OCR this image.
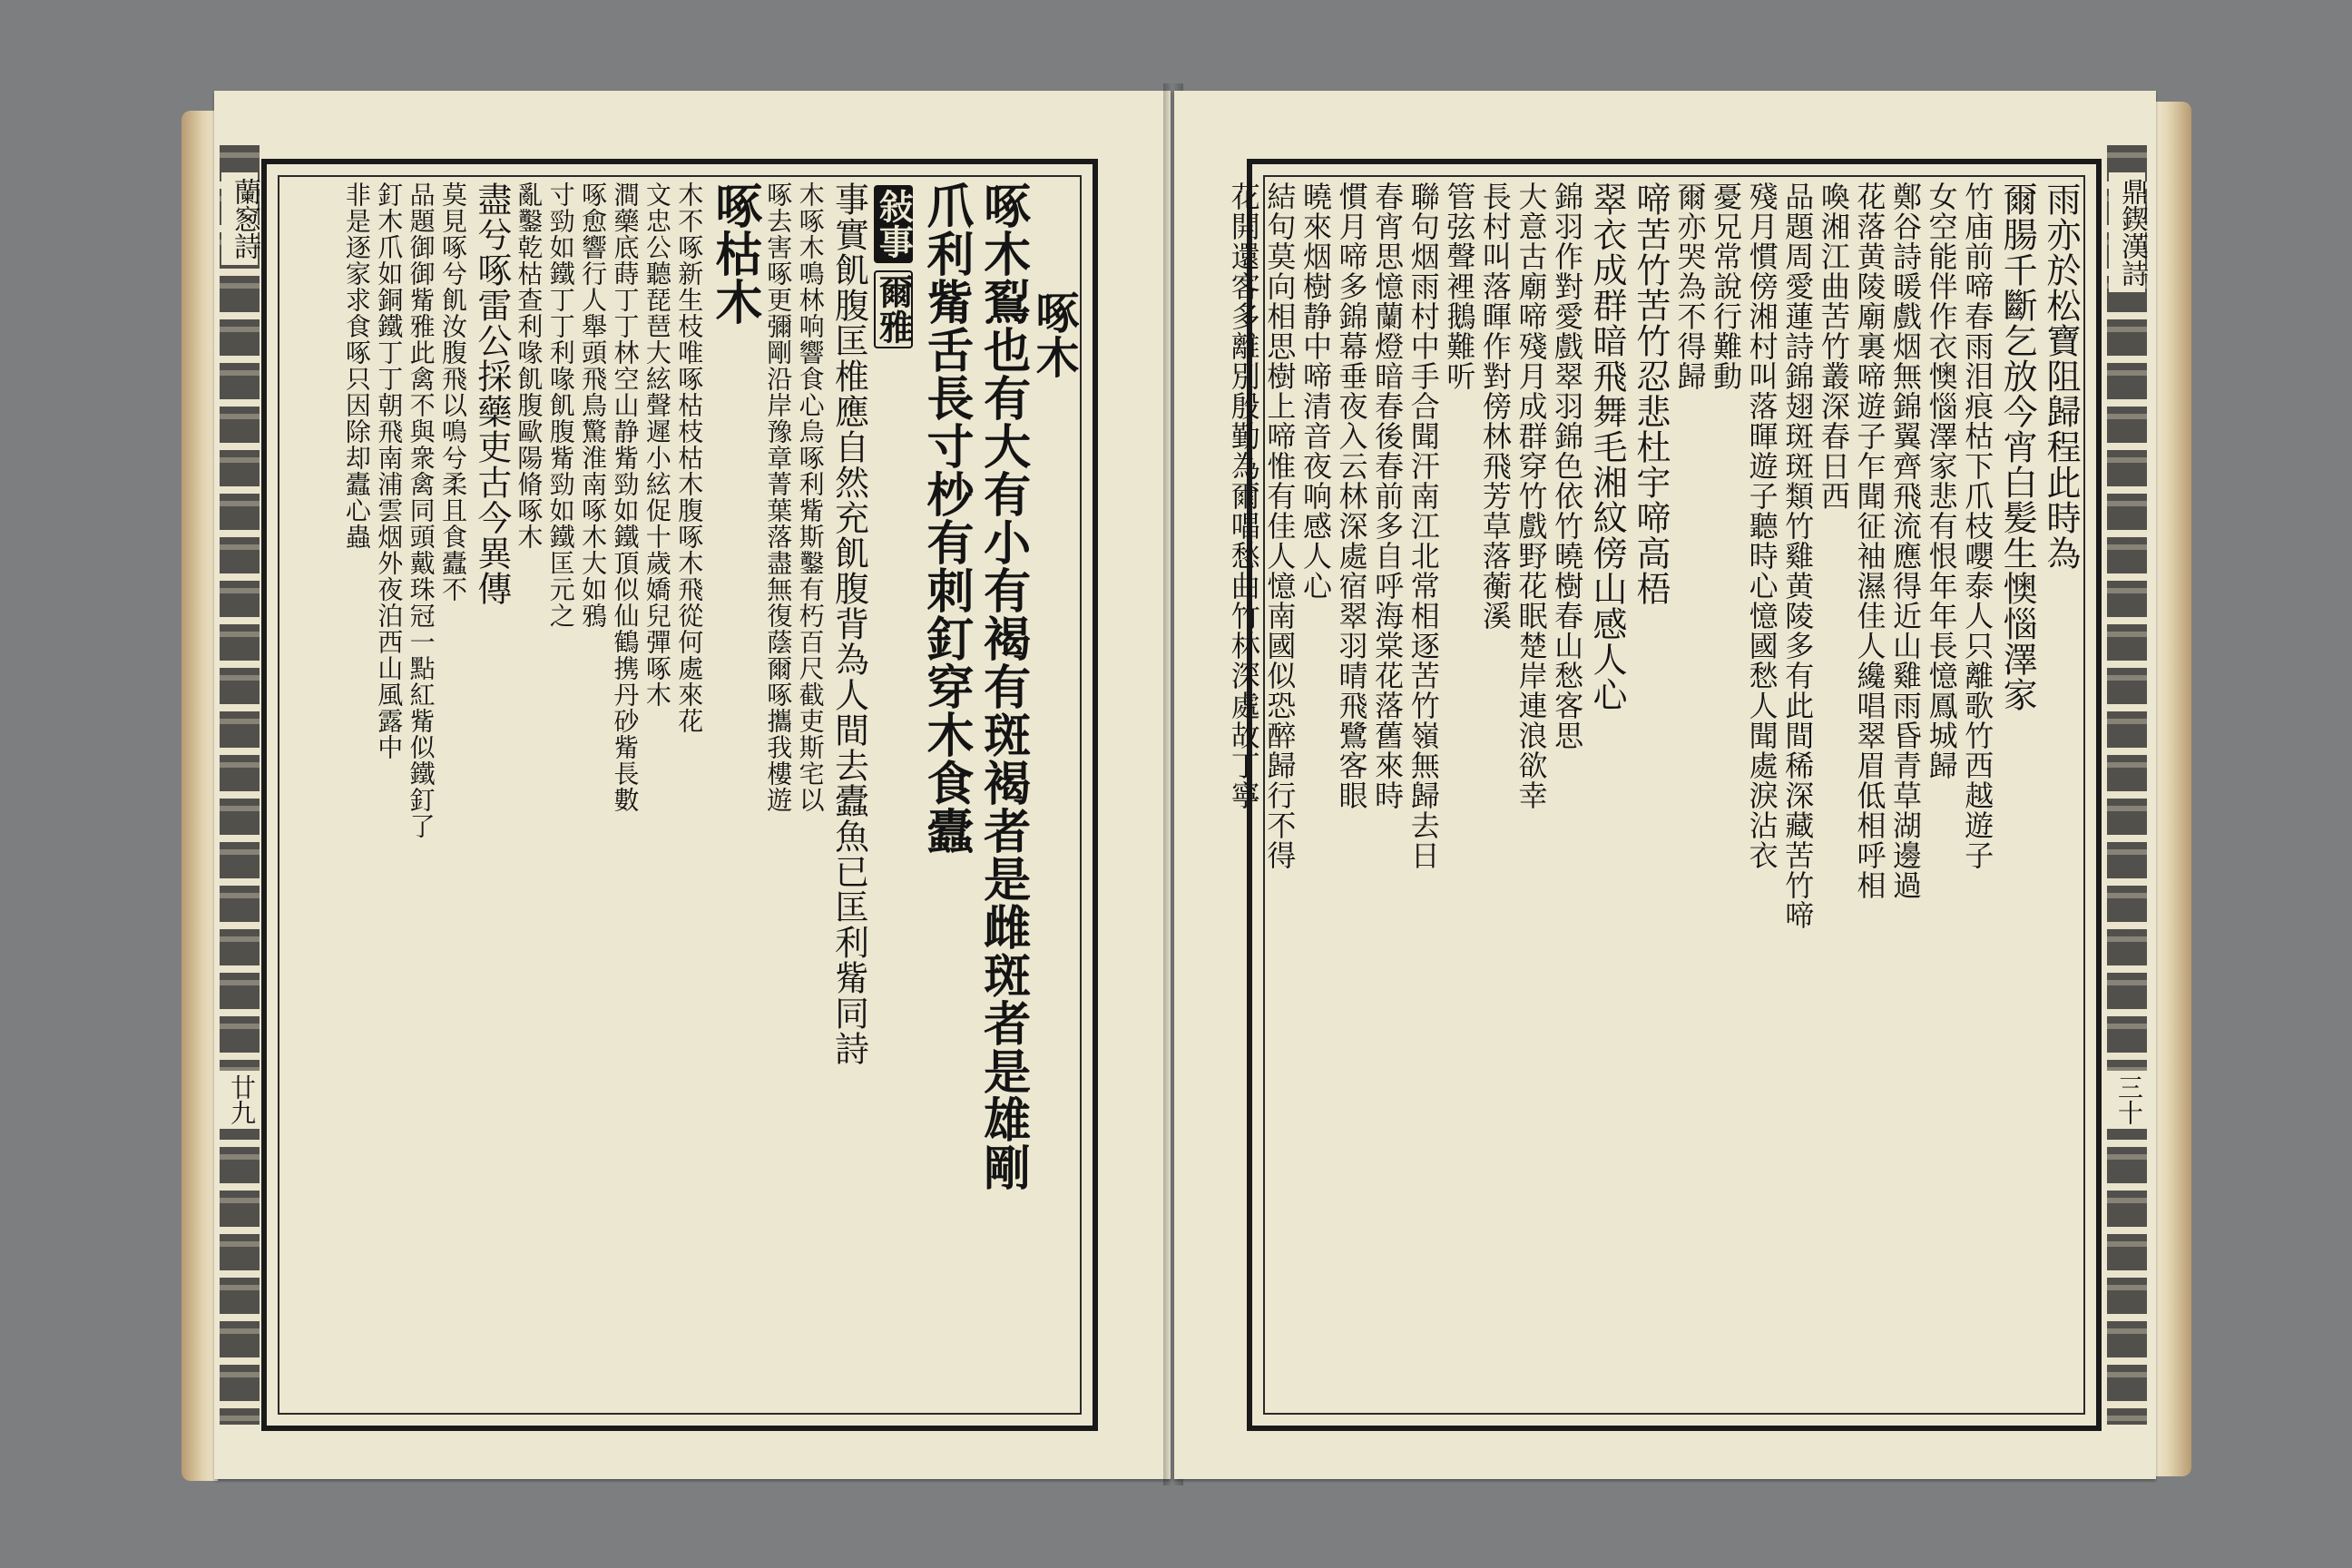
蘭䆫詩
廿九
啄木
啄木鴷也有大有小有褐有斑褐者是雌斑者是雄剛
爪利觜舌長寸杪有刺釘穿木食蠹
敍事爾雅
事實飢腹匡椎應自然充飢腹背為人間去蠹魚已匡利觜同詩
木啄木鳴林响響食心烏啄利觜斯鑿有朽百尺截吏斯宅以
啄去害啄更彌剛沿岸豫章菁葉落盡無復蔭爾啄攜我樓遊
啄枯木
木不啄新生枝唯啄枯枝枯木腹啄木飛從何處來花
文忠公聽琵琶大絃聲遲小絃促十歲嬌兒彈啄木
澗藥底蒔丁丁林空山静觜勁如鐵頂似仙鶴携丹砂觜長數
啄愈響行人舉頭飛鳥驚淮南啄木大如鴉
寸勁如鐵丁丁利喙飢腹觜勁如鐵匡元之
亂鑿乾枯查利喙飢腹歐陽脩啄木
盡兮啄雷公採藥吏古今異傳
莫見啄兮飢汝腹飛以鳴兮柔且食蠹不
品題御御觜雅此禽不與衆禽同頭戴珠冠一點紅觜似鐵釘了
釘木爪如銅鐵丁丁朝飛南浦雲烟外夜泊西山風露中
非是逐家求食啄只因除却蠹心蟲	鼎鍥漢詩
三十
雨亦於松寶阻歸程此時為
爾腸千斷乞放今宵白髪生懊惱澤家
竹庙前啼春雨泪痕枯下爪枝嚶泰人只離歌竹西越遊子
女空能伴作衣懊惱澤家悲有恨年年長憶鳳城歸
鄭谷詩暖戲烟無錦翼齊飛流應得近山雞雨昏青草湖邊過
花落黄陵廟裏啼遊子乍聞征袖濕佳人纔唱翠眉低相呼相
喚湘江曲苦竹叢深春日西
品題周愛蓮詩錦翅斑斑類竹雞黄陵多有此間稀深藏苦竹啼
殘月慣傍湘村叫落暉遊子聽時心憶國愁人聞處淚沾衣
憂兄常說行難動
爾亦哭為不得歸
啼苦竹苦竹忍悲杜宇啼高梧
翠衣成群暗飛舞毛湘紋傍山感人心
錦羽作對愛戲翠羽錦色依竹曉樹春山愁客思
大意古廟啼殘月成群穿竹戲野花眠楚岸連浪欲幸
長村叫落暉作對傍林飛芳草落蘅溪
管弦聲裡鵝難听
聯句烟雨村中手合聞汗南江北常相逐苦竹嶺無歸去日
春宵思憶蘭燈暗春後春前多自呼海棠花落舊來時
慣月啼多錦幕垂夜入云林深處宿翠羽晴飛鷺客眼
曉來烟樹静中啼清音夜响感人心
結句莫向相思樹上啼惟有佳人憶南國似恐醉歸行不得
花開還客多離別殷勤為爾唱愁曲竹林深處故丁寧
